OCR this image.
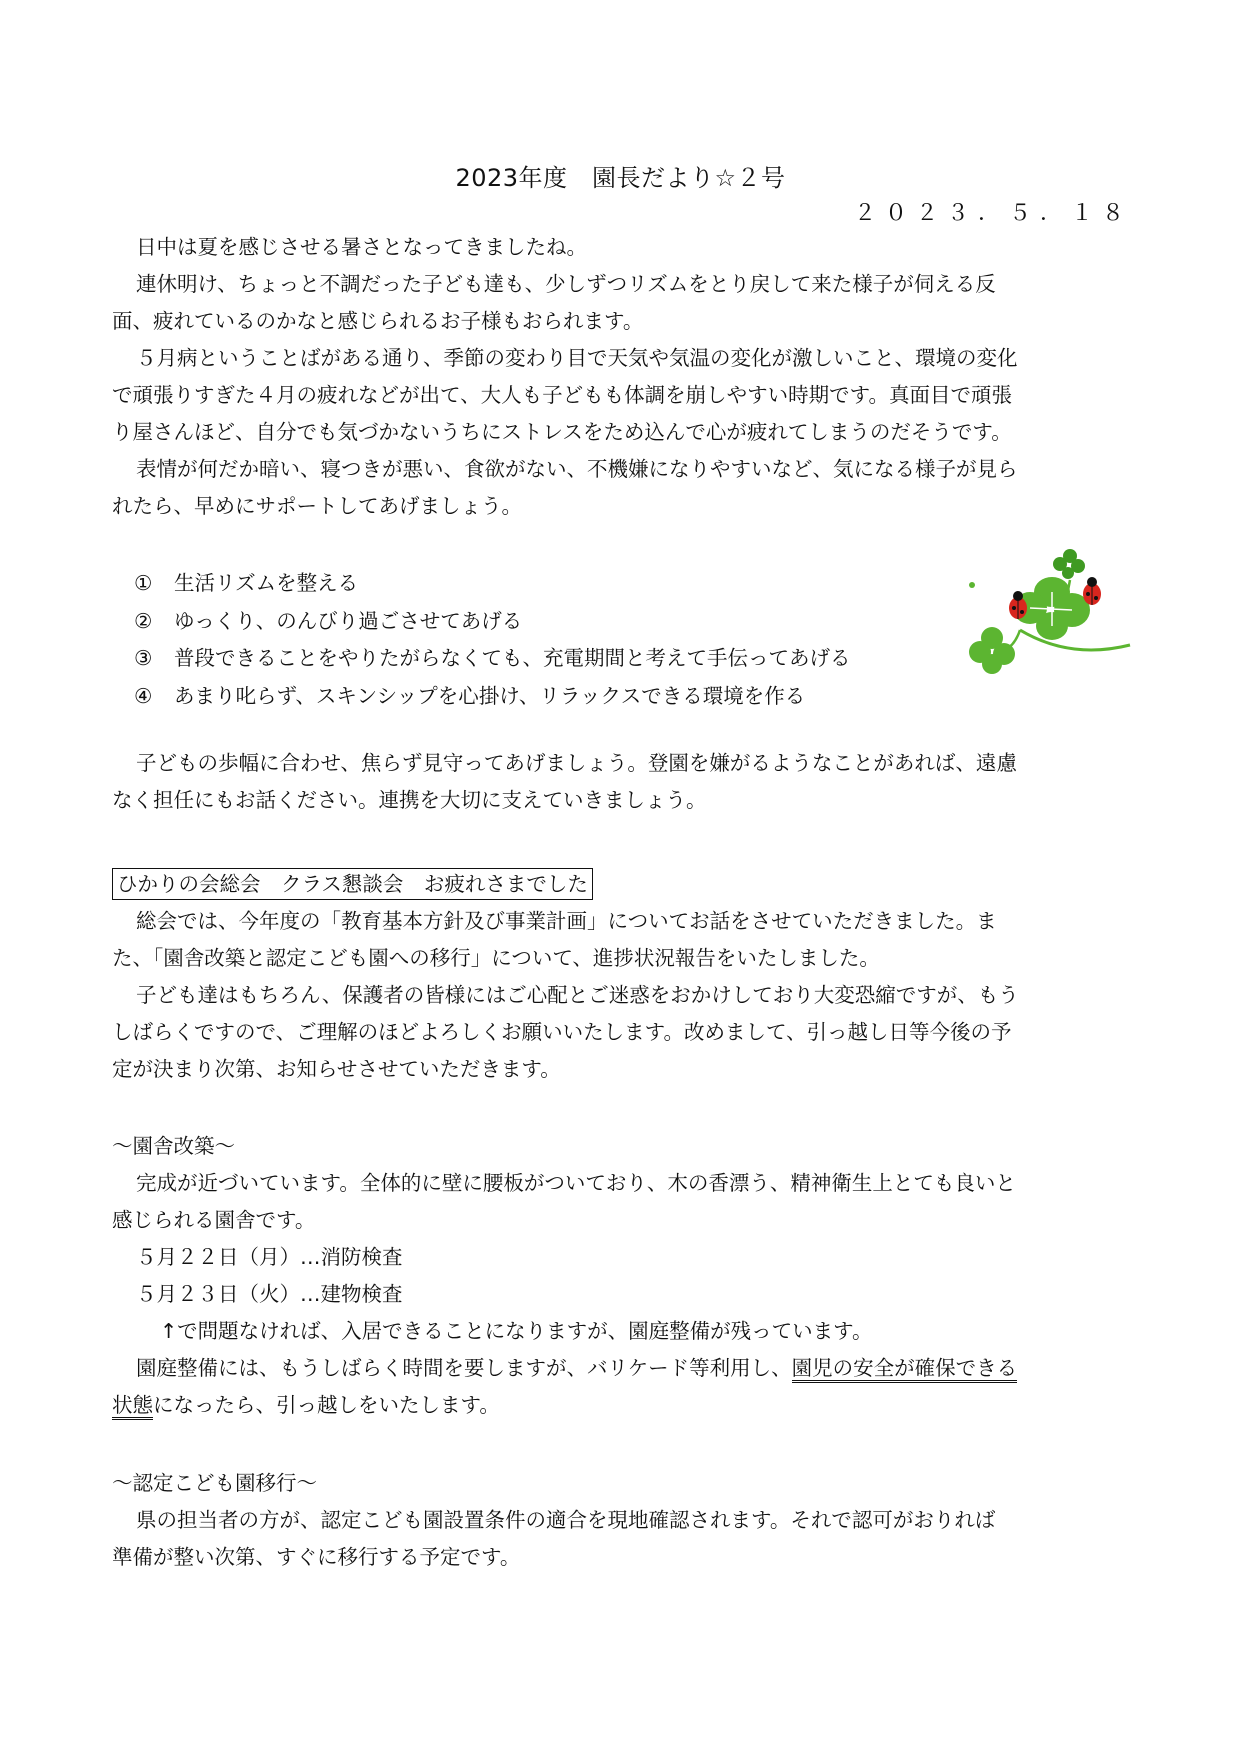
2023年度　園長だより☆２号
２０２３．５．１８
日中は夏を感じさせる暑さとなってきましたね。
連休明け、ちょっと不調だった子ども達も、少しずつリズムをとり戻して来た様子が伺える反
面、疲れているのかなと感じられるお子様もおられます。
５月病ということばがある通り、季節の変わり目で天気や気温の変化が激しいこと、環境の変化
で頑張りすぎた４月の疲れなどが出て、大人も子どもも体調を崩しやすい時期です。真面目で頑張
り屋さんほど、自分でも気づかないうちにストレスをため込んで心が疲れてしまうのだそうです。
表情が何だか暗い、寝つきが悪い、食欲がない、不機嫌になりやすいなど、気になる様子が見ら
れたら、早めにサポートしてあげましょう。
①	生活リズムを整える
②	ゆっくり、のんびり過ごさせてあげる
③	普段できることをやりたがらなくても、充電期間と考えて手伝ってあげる
④	あまり叱らず、スキンシップを心掛け、リラックスできる環境を作る
子どもの歩幅に合わせ、焦らず見守ってあげましょう。登園を嫌がるようなことがあれば、遠慮
なく担任にもお話ください。連携を大切に支えていきましょう。
ひかりの会総会　クラス懇談会　お疲れさまでした
総会では、今年度の「教育基本方針及び事業計画」についてお話をさせていただきました。ま
た、「園舎改築と認定こども園への移行」について、進捗状況報告をいたしました。
子ども達はもちろん、保護者の皆様にはご心配とご迷惑をおかけしており大変恐縮ですが、もう
しばらくですので、ご理解のほどよろしくお願いいたします。改めまして、引っ越し日等今後の予
定が決まり次第、お知らせさせていただきます。
～園舎改築～
完成が近づいています。全体的に壁に腰板がついており、木の香漂う、精神衛生上とても良いと
感じられる園舎です。
５月２２日（月）…消防検査
５月２３日（火）…建物検査
↑で問題なければ、入居できることになりますが、園庭整備が残っています。
園庭整備には、もうしばらく時間を要しますが、バリケード等利用し、園児の安全が確保できる
状態になったら、引っ越しをいたします。
～認定こども園移行～
県の担当者の方が、認定こども園設置条件の適合を現地確認されます。それで認可がおりれば
準備が整い次第、すぐに移行する予定です。
